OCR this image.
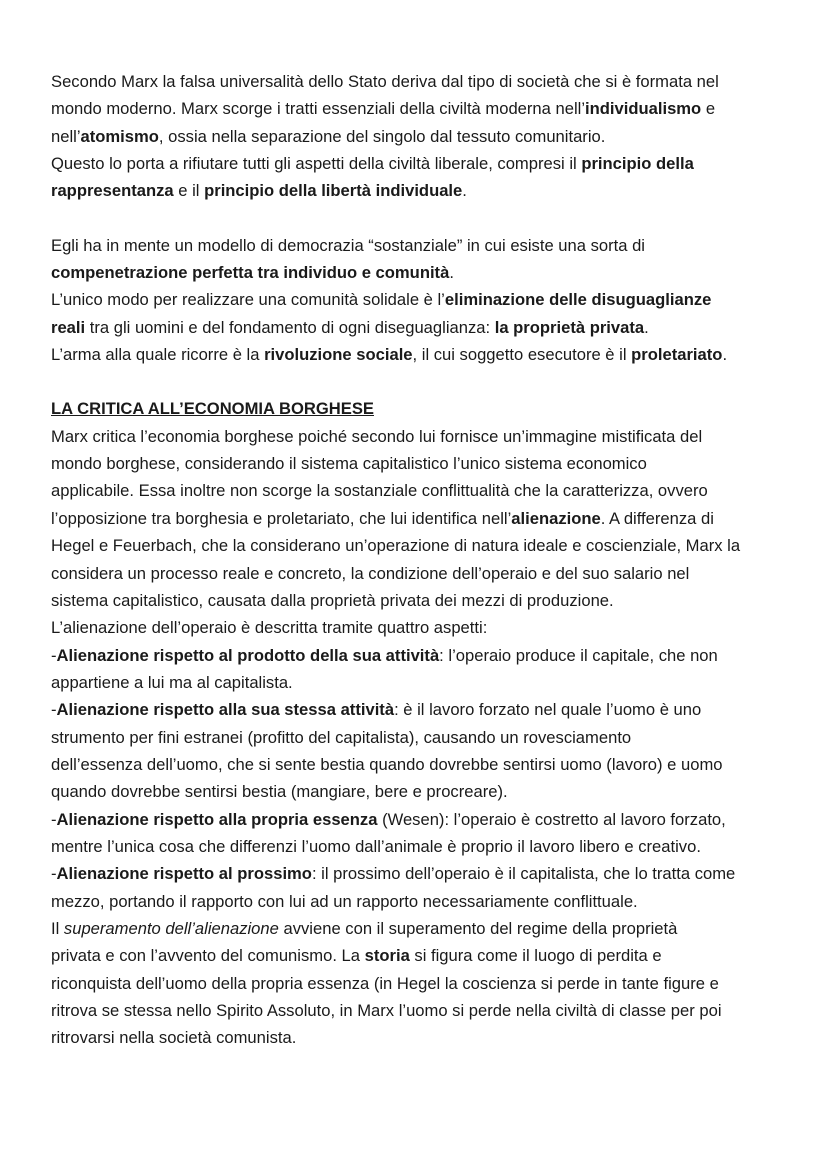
Secondo Marx la falsa universalità dello Stato deriva dal tipo di società che si è formata nel
mondo moderno. Marx scorge i tratti essenziali della civiltà moderna nell’individualismo e
nell’atomismo, ossia nella separazione del singolo dal tessuto comunitario.
Questo lo porta a rifiutare tutti gli aspetti della civiltà liberale, compresi il principio della
rappresentanza e il principio della libertà individuale.
Egli ha in mente un modello di democrazia “sostanziale” in cui esiste una sorta di
compenetrazione perfetta tra individuo e comunità.
L’unico modo per realizzare una comunità solidale è l’eliminazione delle disuguaglianze
reali tra gli uomini e del fondamento di ogni diseguaglianza: la proprietà privata.
L’arma alla quale ricorre è la rivoluzione sociale, il cui soggetto esecutore è il proletariato.
LA CRITICA ALL’ECONOMIA BORGHESE
Marx critica l’economia borghese poiché secondo lui fornisce un’immagine mistificata del
mondo borghese, considerando il sistema capitalistico l’unico sistema economico
applicabile. Essa inoltre non scorge la sostanziale conflittualità che la caratterizza, ovvero
l’opposizione tra borghesia e proletariato, che lui identifica nell’alienazione. A differenza di
Hegel e Feuerbach, che la considerano un’operazione di natura ideale e coscienziale, Marx la
considera un processo reale e concreto, la condizione dell’operaio e del suo salario nel
sistema capitalistico, causata dalla proprietà privata dei mezzi di produzione.
L’alienazione dell’operaio è descritta tramite quattro aspetti:
-Alienazione rispetto al prodotto della sua attività: l’operaio produce il capitale, che non
appartiene a lui ma al capitalista.
-Alienazione rispetto alla sua stessa attività: è il lavoro forzato nel quale l’uomo è uno
strumento per fini estranei (profitto del capitalista), causando un rovesciamento
dell’essenza dell’uomo, che si sente bestia quando dovrebbe sentirsi uomo (lavoro) e uomo
quando dovrebbe sentirsi bestia (mangiare, bere e procreare).
-Alienazione rispetto alla propria essenza (Wesen): l’operaio è costretto al lavoro forzato,
mentre l’unica cosa che differenzi l’uomo dall’animale è proprio il lavoro libero e creativo.
-Alienazione rispetto al prossimo: il prossimo dell’operaio è il capitalista, che lo tratta come
mezzo, portando il rapporto con lui ad un rapporto necessariamente conflittuale.
Il superamento dell’alienazione avviene con il superamento del regime della proprietà
privata e con l’avvento del comunismo. La storia si figura come il luogo di perdita e
riconquista dell’uomo della propria essenza (in Hegel la coscienza si perde in tante figure e
ritrova se stessa nello Spirito Assoluto, in Marx l’uomo si perde nella civiltà di classe per poi
ritrovarsi nella società comunista.
